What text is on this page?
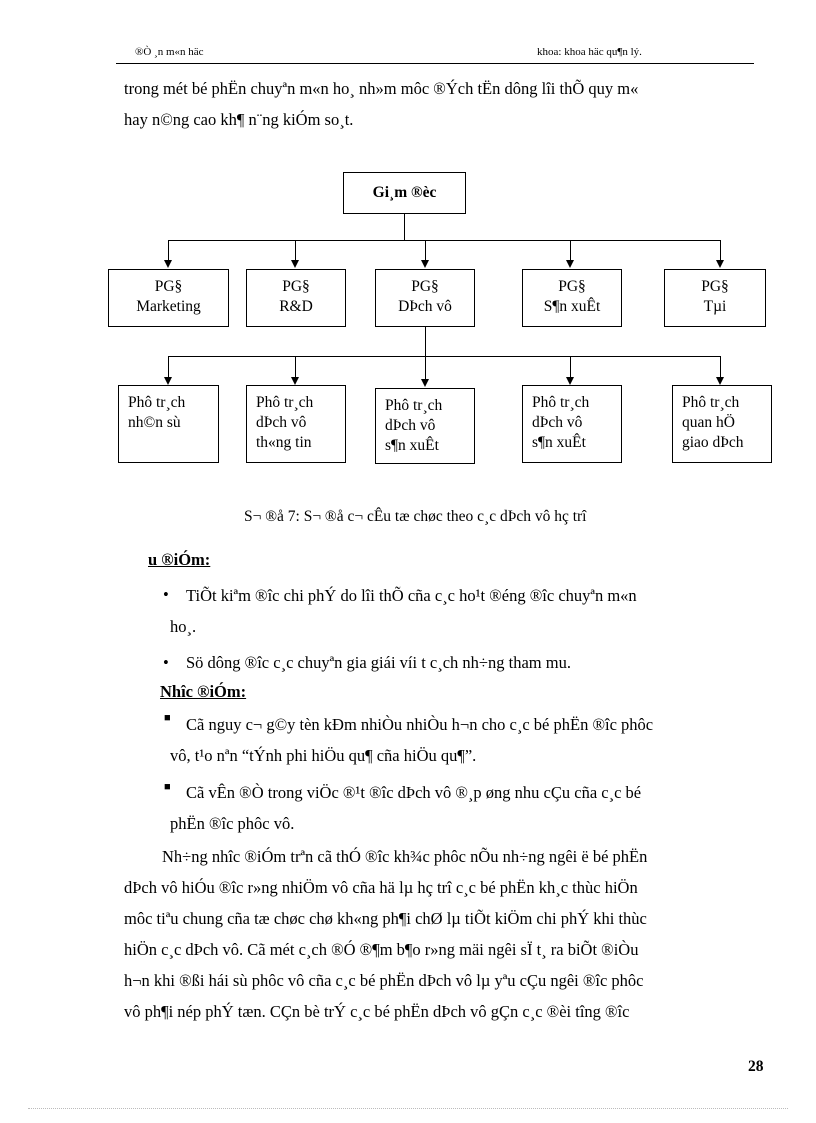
®Ò ¸n m«n häc	khoa: khoa häc qu¶n lý.
trong mét bé phËn chuyªn m«n ho¸ nh»m môc ®Ých tËn dông lîi thÕ quy m«
hay n©ng cao kh¶ n¨ng kiÓm so¸t.
Gi¸m ®èc
PG§
Marketing
PG§
R&D
PG§
DÞch vô
PG§
S¶n xuÊt
PG§
Tµi
Phô tr¸ch
nh©n sù
Phô tr¸ch
dÞch vô
th«ng tin
Phô tr¸ch
dÞch vô
s¶n xuÊt
Phô tr¸ch
dÞch vô
s¶n xuÊt
Phô tr¸ch
quan hÖ
giao dÞch
S¬ ®å 7: S¬ ®å c¬ cÊu tæ chøc theo c¸c dÞch vô hç trî
u ®iÓm:
• TiÕt kiªm ®îc chi phÝ do lîi thÕ cña c¸c ho¹t ®éng ®îc chuyªn m«n
ho¸.
• Sö dông ®îc c¸c chuyªn gia giái víi t c¸ch nh÷ng tham mu.
Nhîc ®iÓm:
■ Cã nguy c¬ g©y tèn kÐm nhiÒu nhiÒu h¬n cho c¸c bé phËn ®îc phôc
vô, t¹o nªn “tÝnh phi hiÖu qu¶ cña hiÖu qu¶”.
■ Cã vÊn ®Ò trong viÖc ®¹t ®îc dÞch vô ®¸p øng nhu cÇu cña c¸c bé
phËn ®îc phôc vô.
Nh÷ng nhîc ®iÓm trªn cã thÓ ®îc kh¾c phôc nÕu nh÷ng ngêi ë bé phËn
dÞch vô hiÓu ®îc r»ng nhiÖm vô cña hä lµ hç trî c¸c bé phËn kh¸c thùc hiÖn
môc tiªu chung cña tæ chøc chø kh«ng ph¶i chØ lµ tiÕt kiÖm chi phÝ khi thùc
hiÖn c¸c dÞch vô. Cã mét c¸ch ®Ó ®¶m b¶o r»ng mäi ngêi sÏ t¸ ra biÕt ®iÒu
h¬n khi ®ßi hái sù phôc vô cña c¸c bé phËn dÞch vô lµ yªu cÇu ngêi ®îc phôc
vô ph¶i nép phÝ tæn. CÇn bè trÝ c¸c bé phËn dÞch vô gÇn c¸c ®èi tîng ®îc
28
